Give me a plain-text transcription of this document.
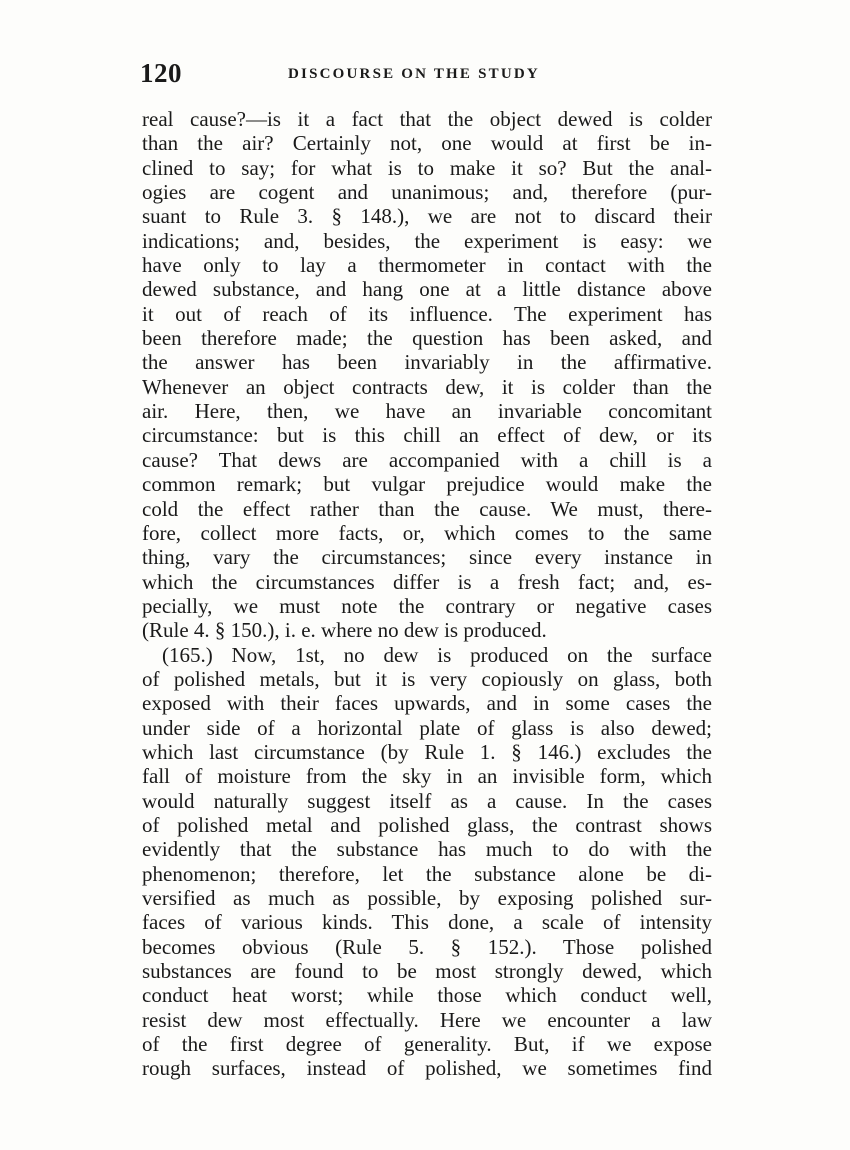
120	DISCOURSE ON THE STUDY
real cause?—is it a fact that the object dewed is colder
than the air? Certainly not, one would at first be in-
clined to say; for what is to make it so? But the anal-
ogies are cogent and unanimous; and, therefore (pur-
suant to Rule 3. § 148.), we are not to discard their
indications; and, besides, the experiment is easy: we
have only to lay a thermometer in contact with the
dewed substance, and hang one at a little distance above
it out of reach of its influence. The experiment has
been therefore made; the question has been asked, and
the answer has been invariably in the affirmative.
Whenever an object contracts dew, it is colder than the
air. Here, then, we have an invariable concomitant
circumstance: but is this chill an effect of dew, or its
cause? That dews are accompanied with a chill is a
common remark; but vulgar prejudice would make the
cold the effect rather than the cause. We must, there-
fore, collect more facts, or, which comes to the same
thing, vary the circumstances; since every instance in
which the circumstances differ is a fresh fact; and, es-
pecially, we must note the contrary or negative cases
(Rule 4. § 150.), i. e. where no dew is produced.
(165.) Now, 1st, no dew is produced on the surface
of polished metals, but it is very copiously on glass, both
exposed with their faces upwards, and in some cases the
under side of a horizontal plate of glass is also dewed;
which last circumstance (by Rule 1. § 146.) excludes the
fall of moisture from the sky in an invisible form, which
would naturally suggest itself as a cause. In the cases
of polished metal and polished glass, the contrast shows
evidently that the substance has much to do with the
phenomenon; therefore, let the substance alone be di-
versified as much as possible, by exposing polished sur-
faces of various kinds. This done, a scale of intensity
becomes obvious (Rule 5. § 152.). Those polished
substances are found to be most strongly dewed, which
conduct heat worst; while those which conduct well,
resist dew most effectually. Here we encounter a law
of the first degree of generality. But, if we expose
rough surfaces, instead of polished, we sometimes find
